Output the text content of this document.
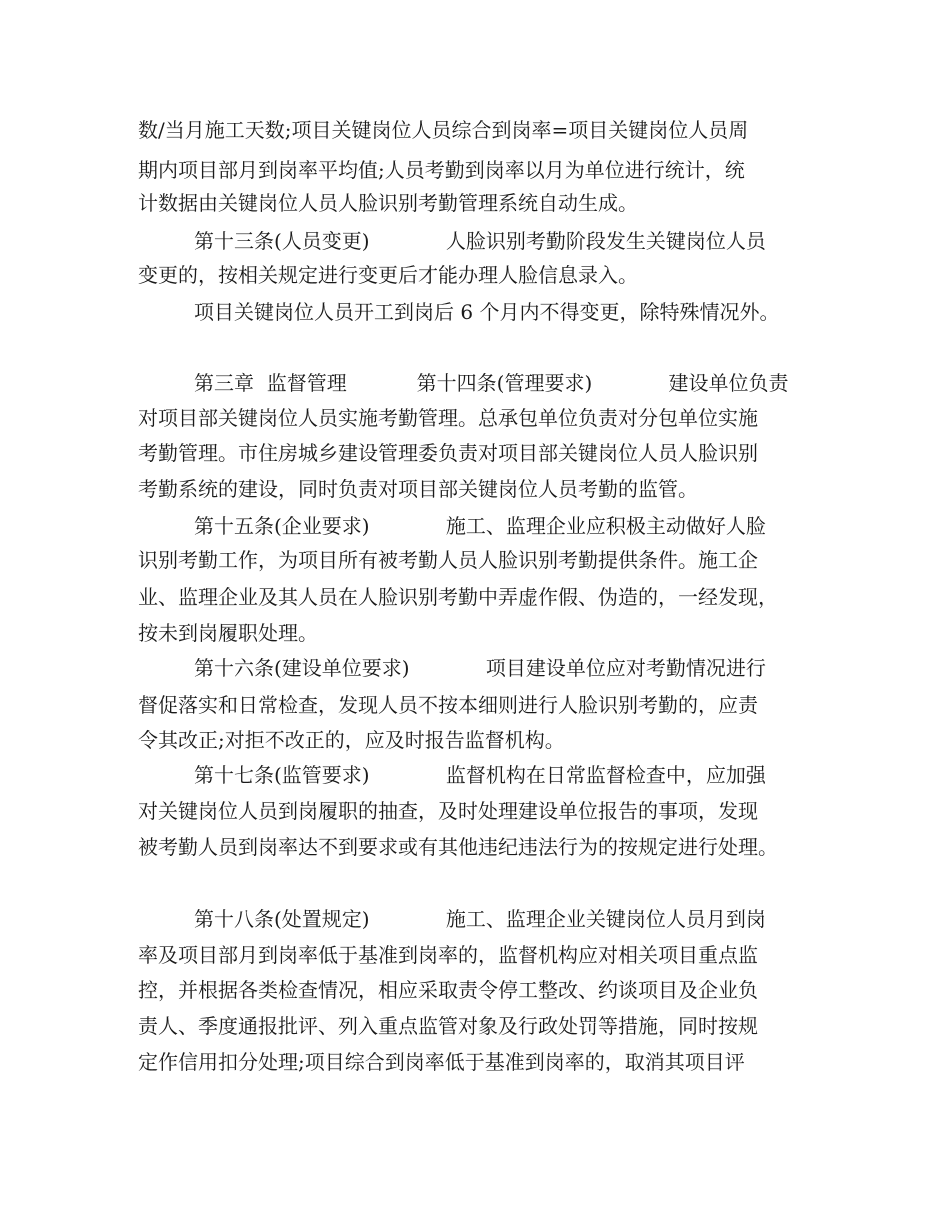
数/当月施工天数;项目关键岗位人员综合到岗率=项目关键岗位人员周
期内项目部月到岗率平均值;人员考勤到岗率以月为单位进行统计，统
计数据由关键岗位人员人脸识别考勤管理系统自动生成。
第十三条(人员变更)            人脸识别考勤阶段发生关键岗位人员
变更的，按相关规定进行变更后才能办理人脸信息录入。
项目关键岗位人员开工到岗后 6 个月内不得变更，除特殊情况外。
第三章  监督管理           第十四条(管理要求)            建设单位负责
对项目部关键岗位人员实施考勤管理。总承包单位负责对分包单位实施
考勤管理。市住房城乡建设管理委负责对项目部关键岗位人员人脸识别
考勤系统的建设，同时负责对项目部关键岗位人员考勤的监管。
第十五条(企业要求)            施工、监理企业应积极主动做好人脸
识别考勤工作，为项目所有被考勤人员人脸识别考勤提供条件。施工企
业、监理企业及其人员在人脸识别考勤中弄虚作假、伪造的，一经发现，
按未到岗履职处理。
第十六条(建设单位要求)            项目建设单位应对考勤情况进行
督促落实和日常检查，发现人员不按本细则进行人脸识别考勤的，应责
令其改正;对拒不改正的，应及时报告监督机构。
第十七条(监管要求)            监督机构在日常监督检查中，应加强
对关键岗位人员到岗履职的抽查，及时处理建设单位报告的事项，发现
被考勤人员到岗率达不到要求或有其他违纪违法行为的按规定进行处理。
第十八条(处置规定)            施工、监理企业关键岗位人员月到岗
率及项目部月到岗率低于基准到岗率的，监督机构应对相关项目重点监
控，并根据各类检查情况，相应采取责令停工整改、约谈项目及企业负
责人、季度通报批评、列入重点监管对象及行政处罚等措施，同时按规
定作信用扣分处理;项目综合到岗率低于基准到岗率的，取消其项目评
